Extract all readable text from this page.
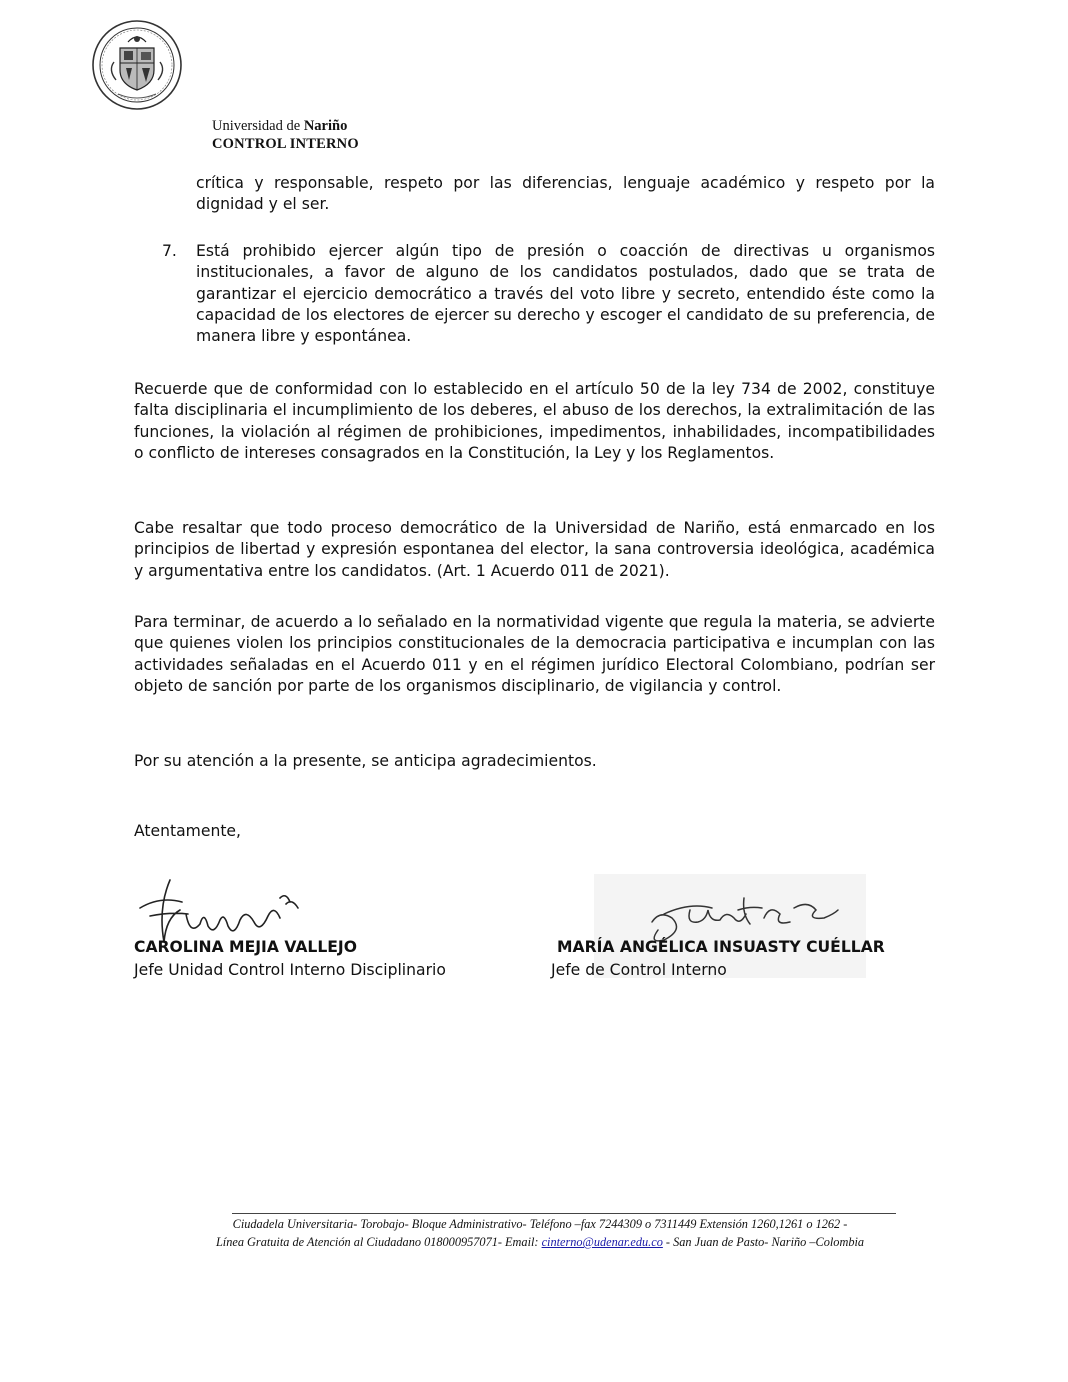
Universidad de Nariño
CONTROL INTERNO
crítica y responsable, respeto por las diferencias, lenguaje académico y respeto por la dignidad y el ser.
7.	Está prohibido ejercer algún tipo de presión o coacción de directivas u organismos institucionales, a favor de alguno de los candidatos postulados, dado que se trata de garantizar el ejercicio democrático a través del voto libre y secreto, entendido éste como la capacidad de los electores de ejercer su derecho y escoger el candidato de su preferencia, de manera libre y espontánea.
Recuerde que de conformidad con lo establecido en el artículo 50 de la ley 734 de 2002, constituye falta disciplinaria el incumplimiento de los deberes, el abuso de los derechos, la extralimitación de las funciones, la violación al régimen de prohibiciones, impedimentos, inhabilidades, incompatibilidades o conflicto de intereses consagrados en la Constitución, la Ley y los Reglamentos.
Cabe resaltar que todo proceso democrático de la Universidad de Nariño, está enmarcado en los principios de libertad y expresión espontanea del elector, la sana controversia ideológica, académica y argumentativa entre los candidatos. (Art. 1 Acuerdo 011 de 2021).
Para terminar, de acuerdo a lo señalado en la normatividad vigente que regula la materia, se advierte que quienes violen los principios constitucionales de la democracia participativa e incumplan con las actividades señaladas en el Acuerdo 011 y en el régimen jurídico Electoral Colombiano, podrían ser objeto de sanción por parte de los organismos disciplinario, de vigilancia y control.
Por su atención a la presente, se anticipa agradecimientos.
Atentamente,
CAROLINA MEJIA VALLEJO
Jefe Unidad Control Interno Disciplinario
MARÍA ANGÉLICA INSUASTY CUÉLLAR
Jefe de Control Interno
Ciudadela Universitaria- Torobajo- Bloque Administrativo- Teléfono –fax 7244309 o 7311449 Extensión 1260,1261 o 1262 -
Línea Gratuita de Atención al Ciudadano 018000957071- Email: cinterno@udenar.edu.co - San Juan de Pasto- Nariño –Colombia
